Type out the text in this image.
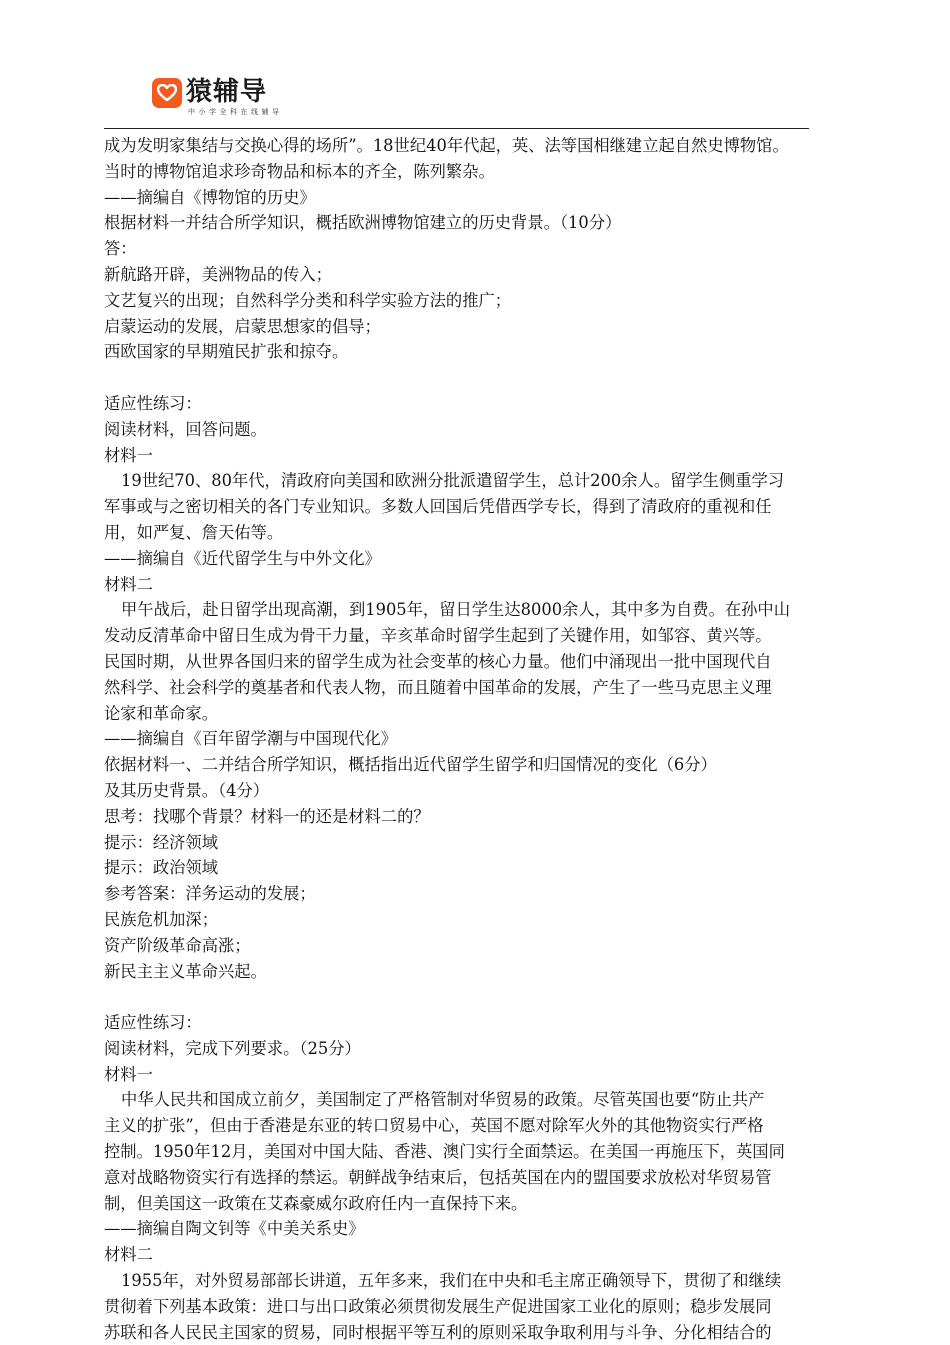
猿辅导
中小学全科在线辅导
成为发明家集结与交换心得的场所”。18世纪40年代起，英、法等国相继建立起自然史博物馆。
当时的博物馆追求珍奇物品和标本的齐全，陈列繁杂。
——摘编自《博物馆的历史》
根据材料一并结合所学知识，概括欧洲博物馆建立的历史背景。（10分）
答：
新航路开辟，美洲物品的传入；
文艺复兴的出现；自然科学分类和科学实验方法的推广；
启蒙运动的发展，启蒙思想家的倡导；
西欧国家的早期殖民扩张和掠夺。
适应性练习：
阅读材料，回答问题。
材料一
19世纪70、80年代，清政府向美国和欧洲分批派遣留学生，总计200余人。留学生侧重学习
军事或与之密切相关的各门专业知识。多数人回国后凭借西学专长，得到了清政府的重视和任
用，如严复、詹天佑等。
——摘编自《近代留学生与中外文化》
材料二
甲午战后，赴日留学出现高潮，到1905年，留日学生达8000余人，其中多为自费。在孙中山
发动反清革命中留日生成为骨干力量，辛亥革命时留学生起到了关键作用，如邹容、黄兴等。
民国时期，从世界各国归来的留学生成为社会变革的核心力量。他们中涌现出一批中国现代自
然科学、社会科学的奠基者和代表人物，而且随着中国革命的发展，产生了一些马克思主义理
论家和革命家。
——摘编自《百年留学潮与中国现代化》
依据材料一、二并结合所学知识，概括指出近代留学生留学和归国情况的变化（6分）
及其历史背景。（4分）
思考：找哪个背景？材料一的还是材料二的？
提示：经济领域
提示：政治领域
参考答案：洋务运动的发展；
民族危机加深；
资产阶级革命高涨；
新民主主义革命兴起。
适应性练习：
阅读材料，完成下列要求。（25分）
材料一
中华人民共和国成立前夕，美国制定了严格管制对华贸易的政策。尽管英国也要“防止共产
主义的扩张”，但由于香港是东亚的转口贸易中心，英国不愿对除军火外的其他物资实行严格
控制。1950年12月，美国对中国大陆、香港、澳门实行全面禁运。在美国一再施压下，英国同
意对战略物资实行有选择的禁运。朝鲜战争结束后，包括英国在内的盟国要求放松对华贸易管
制，但美国这一政策在艾森豪威尔政府任内一直保持下来。
——摘编自陶文钊等《中美关系史》
材料二
1955年，对外贸易部部长讲道，五年多来，我们在中央和毛主席正确领导下，贯彻了和继续
贯彻着下列基本政策：进口与出口政策必须贯彻发展生产促进国家工业化的原则；稳步发展同
苏联和各人民民主国家的贸易，同时根据平等互利的原则采取争取利用与斗争、分化相结合的
